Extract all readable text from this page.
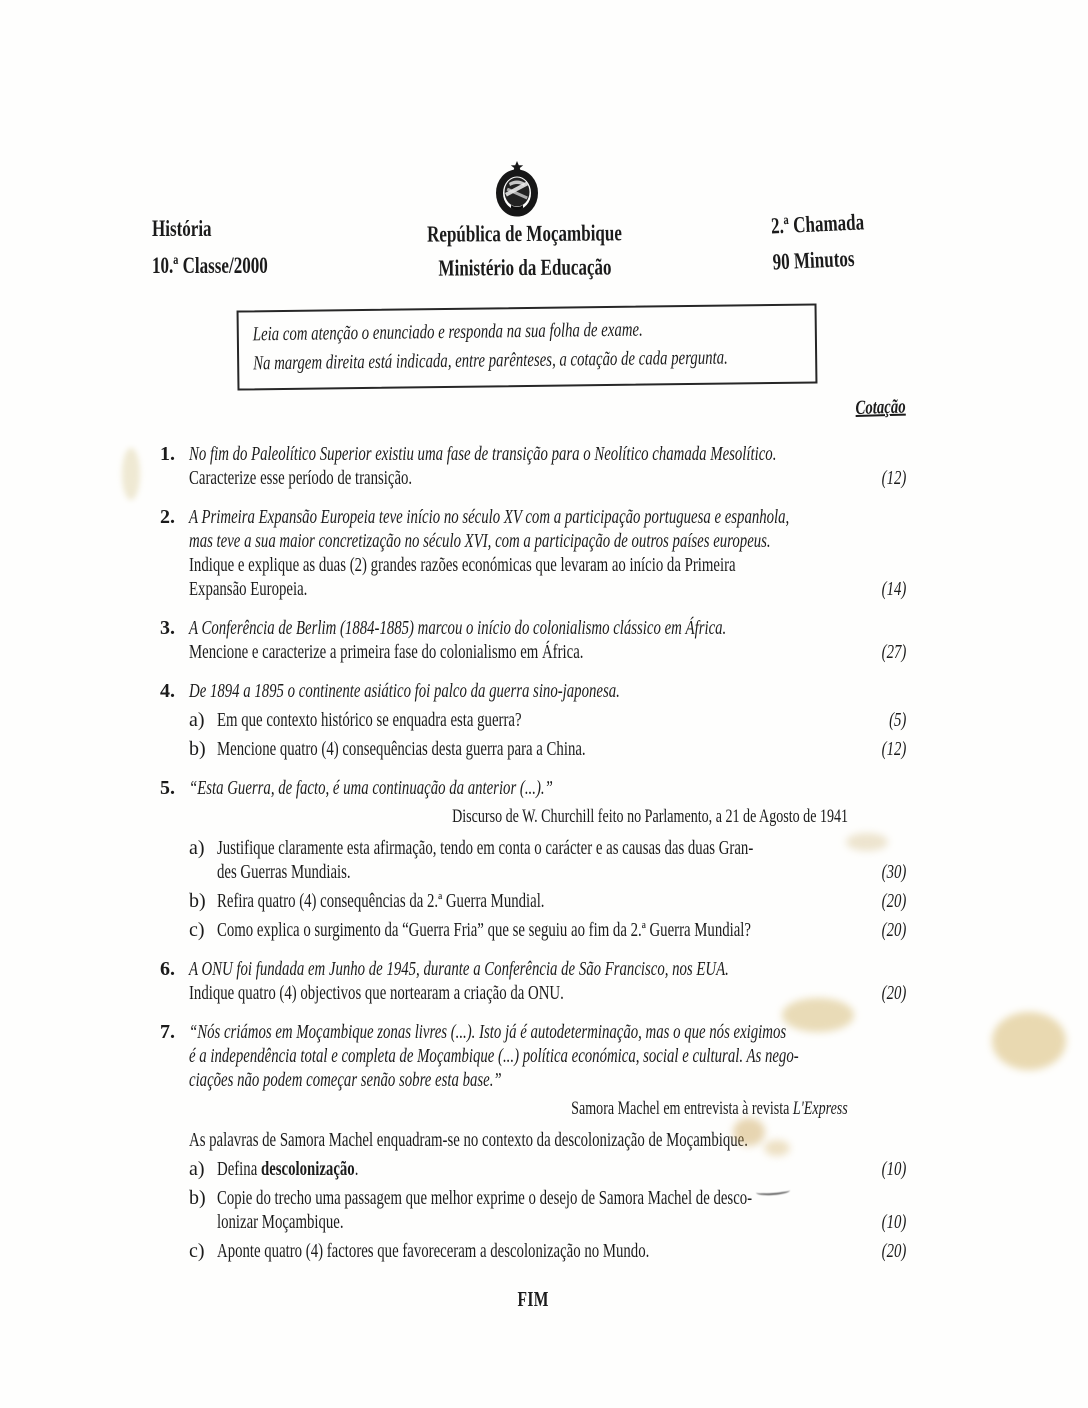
História
10.ª Classe/2000
República de Moçambique
Ministério da Educação
2.ª Chamada
90 Minutos
Leia com atenção o enunciado e responda na sua folha de exame.
Na margem direita está indicada, entre parênteses, a cotação de cada pergunta.
Cotação
1. No fim do Paleolítico Superior existiu uma fase de transição para o Neolítico chamada Mesolítico.
Caracterize esse período de transição.	(12)
2. A Primeira Expansão Europeia teve início no século XV com a participação portuguesa e espanhola,
mas teve a sua maior concretização no século XVI, com a participação de outros países europeus.
Indique e explique as duas (2) grandes razões económicas que levaram ao início da Primeira
Expansão Europeia.	(14)
3. A Conferência de Berlim (1884-1885) marcou o início do colonialismo clássico em África.
Mencione e caracterize a primeira fase do colonialismo em África.	(27)
4. De 1894 a 1895 o continente asiático foi palco da guerra sino-japonesa.
a) Em que contexto histórico se enquadra esta guerra?	(5)
b) Mencione quatro (4) consequências desta guerra para a China.	(12)
5. “Esta Guerra, de facto, é uma continuação da anterior (...).”
Discurso de W. Churchill feito no Parlamento, a 21 de Agosto de 1941
a) Justifique claramente esta afirmação, tendo em conta o carácter e as causas das duas Gran-
des Guerras Mundiais.	(30)
b) Refira quatro (4) consequências da 2.ª Guerra Mundial.	(20)
c) Como explica o surgimento da “Guerra Fria” que se seguiu ao fim da 2.ª Guerra Mundial?	(20)
6. A ONU foi fundada em Junho de 1945, durante a Conferência de São Francisco, nos EUA.
Indique quatro (4) objectivos que nortearam a criação da ONU.	(20)
7. “Nós criámos em Moçambique zonas livres (...). Isto já é autodeterminação, mas o que nós exigimos
é a independência total e completa de Moçambique (...) política económica, social e cultural. As nego-
ciações não podem começar senão sobre esta base.”
Samora Machel em entrevista à revista L'Express
As palavras de Samora Machel enquadram-se no contexto da descolonização de Moçambique.
a) Defina descolonização.	(10)
b) Copie do trecho uma passagem que melhor exprime o desejo de Samora Machel de desco-
lonizar Moçambique.	(10)
c) Aponte quatro (4) factores que favoreceram a descolonização no Mundo.	(20)
FIM
